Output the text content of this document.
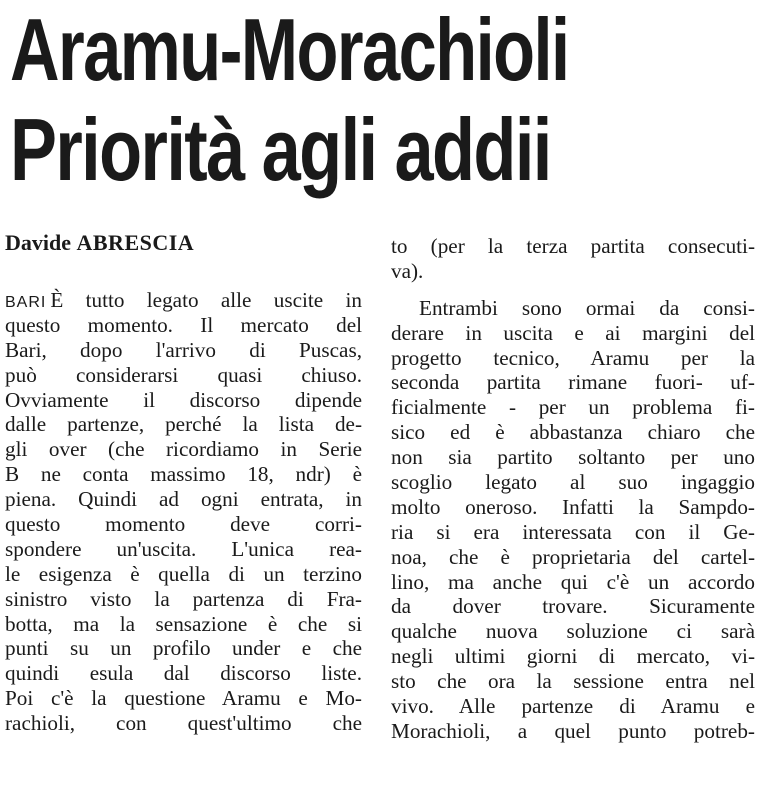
Aramu-Morachioli
Priorità agli addii
Davide ABRESCIA
BARI È tutto legato alle uscite in
questo momento. Il mercato del
Bari, dopo l'arrivo di Puscas,
può considerarsi quasi chiuso.
Ovviamente il discorso dipende
dalle partenze, perché la lista de-
gli over (che ricordiamo in Serie
B ne conta massimo 18, ndr) è
piena. Quindi ad ogni entrata, in
questo momento deve corri-
spondere un'uscita. L'unica rea-
le esigenza è quella di un terzino
sinistro visto la partenza di Fra-
botta, ma la sensazione è che si
punti su un profilo under e che
quindi esula dal discorso liste.
Poi c'è la questione Aramu e Mo-
rachioli, con quest'ultimo che
to (per la terza partita consecuti-
va).
Entrambi sono ormai da consi-
derare in uscita e ai margini del
progetto tecnico, Aramu per la
seconda partita rimane fuori- uf-
ficialmente - per un problema fi-
sico ed è abbastanza chiaro che
non sia partito soltanto per uno
scoglio legato al suo ingaggio
molto oneroso. Infatti la Sampdo-
ria si era interessata con il Ge-
noa, che è proprietaria del cartel-
lino, ma anche qui c'è un accordo
da dover trovare. Sicuramente
qualche nuova soluzione ci sarà
negli ultimi giorni di mercato, vi-
sto che ora la sessione entra nel
vivo. Alle partenze di Aramu e
Morachioli, a quel punto potreb-
